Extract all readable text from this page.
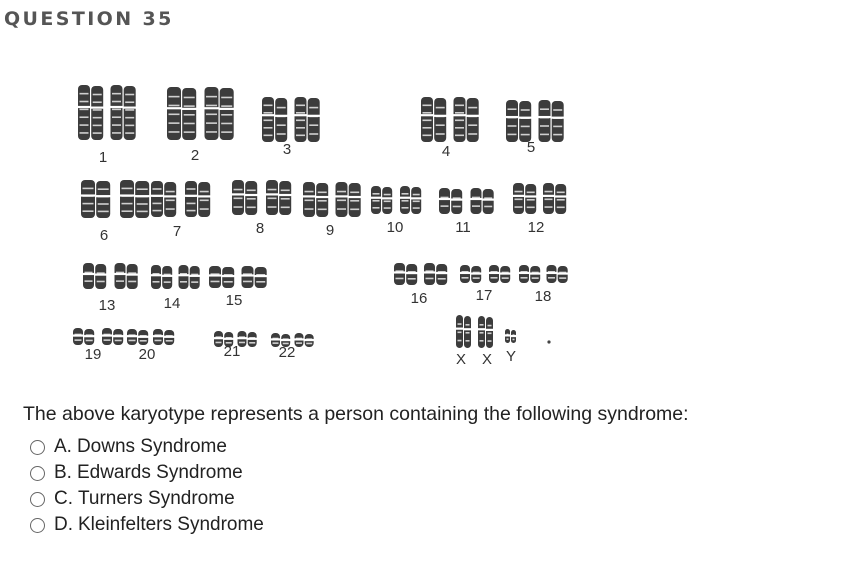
QUESTION 35
1	2	3	4	5
6	7	8	9	10	11	12
13	14	15	16	17	18
19 20	21	22	X X Y
The above karyotype represents a person containing the following syndrome:
A. Downs Syndrome
B. Edwards Syndrome
C. Turners Syndrome
D. Kleinfelters Syndrome
